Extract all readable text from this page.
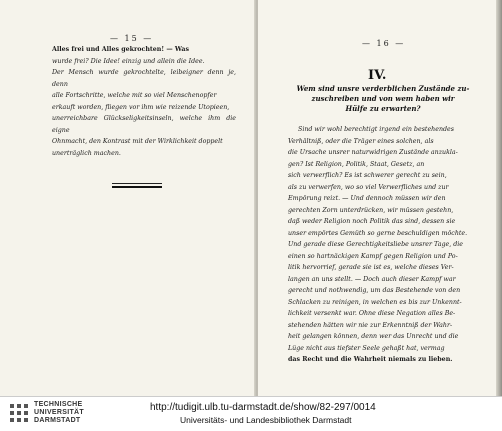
— 15 —

Alles frei und Alles gekrochten! — Was

wurde frei? Die Idee! einzig und allein die Idee.

Der Mensch wurde gekrochtelte, leibeigner denn je, denn

alle Fortschritte, welche mit so viel Menschenopfer

erkauft worden, fliegen vor ihm wie reizende Utopieen,

unerreichbare Glückseligkeitsinseln, welche ihm die eigne

Ohnmacht, den Kontrast mit der Wirklichkeit doppelt

unerträglich machen.

— 16 —
IV.
Wem sind unsre verderblichen Zustände zu-
zuschreiben und von wem haben wir
Hülfe zu erwarten?

Sind wir wohl berechtigt irgend ein bestehendes

Verhältniß, oder die Träger eines solchen, als

die Ursache unsrer naturwidrigen Zustände anzukla-

gen? Ist Religion, Politik, Staat, Gesetz, an

sich verwerflich? Es ist schwerer gerecht zu sein,

als zu verwerfen, wo so viel Verwerfliches und zur

Empörung reizt. — Und dennoch müssen wir den

gerechten Zorn unterdrücken, wir müssen gestehn,

daß weder Religion noch Politik das sind, dessen sie

unser empörtes Gemüth so gerne beschuldigen möchte.

Und gerade diese Gerechtigkeitsliebe unsrer Tage, die

einen so hartnäckigen Kampf gegen Religion und Po-

litik hervorrief, gerade sie ist es, welche dieses Ver-

langen an uns stellt. — Doch auch dieser Kampf war

gerecht und nothwendig, um das Bestehende von den

Schlacken zu reinigen, in welchen es bis zur Unkennt-

lichkeit versenkt war. Ohne diese Negation alles Be-

stehenden hätten wir nie zur Erkenntniß der Wahr-

heit gelangen können, denn wer das Unrecht und die

Lüge nicht aus tiefster Seele gehaßt hat, vermag

das Recht und die Wahrheit niemals zu lieben.

TECHNISCHE
UNIVERSITÄT
DARMSTADT
http://tudigit.ulb.tu-darmstadt.de/show/82-297/0014
Universitäts- und Landesbibliothek Darmstadt
